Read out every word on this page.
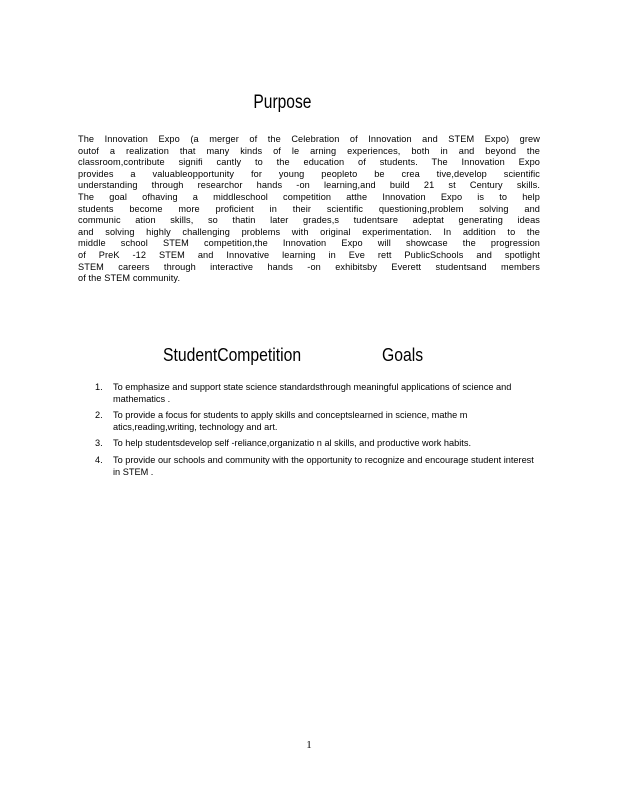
Purpose
The Innovation Expo (a merger of the Celebration of Innovation and STEM Expo) grew
outof a realization that many kinds of le arning experiences, both in and beyond the
classroom,contribute signifi cantly to the education of students. The Innovation Expo
provides a valuableopportunity for young peopleto be crea tive,develop scientific
understanding through researchor hands -on learning,and build 21 st Century skills.
The goal ofhaving a middleschool competition atthe Innovation Expo is to help
students become more proficient in their scientific questioning,problem solving and
communic ation skills, so thatin later grades,s tudentsare adeptat generating ideas
and solving highly challenging problems with original experimentation. In addition to the
middle school STEM competition,the Innovation Expo will showcase the progression
of PreK -12 STEM and Innovative learning in Eve rett PublicSchools and spotlight
STEM careers through interactive hands -on exhibitsby Everett studentsand members
of the STEM community.
StudentCompetition	Goals
1. To emphasize and support state science standardsthrough meaningful applications of science and mathematics .
2. To provide a focus for students to apply skills and conceptslearned in science, mathe m atics,reading,writing, technology and art.
3. To help studentsdevelop self -reliance,organizatio n al skills, and productive work habits.
4. To provide our schools and community with the opportunity to recognize and encourage student interest in STEM .
1
